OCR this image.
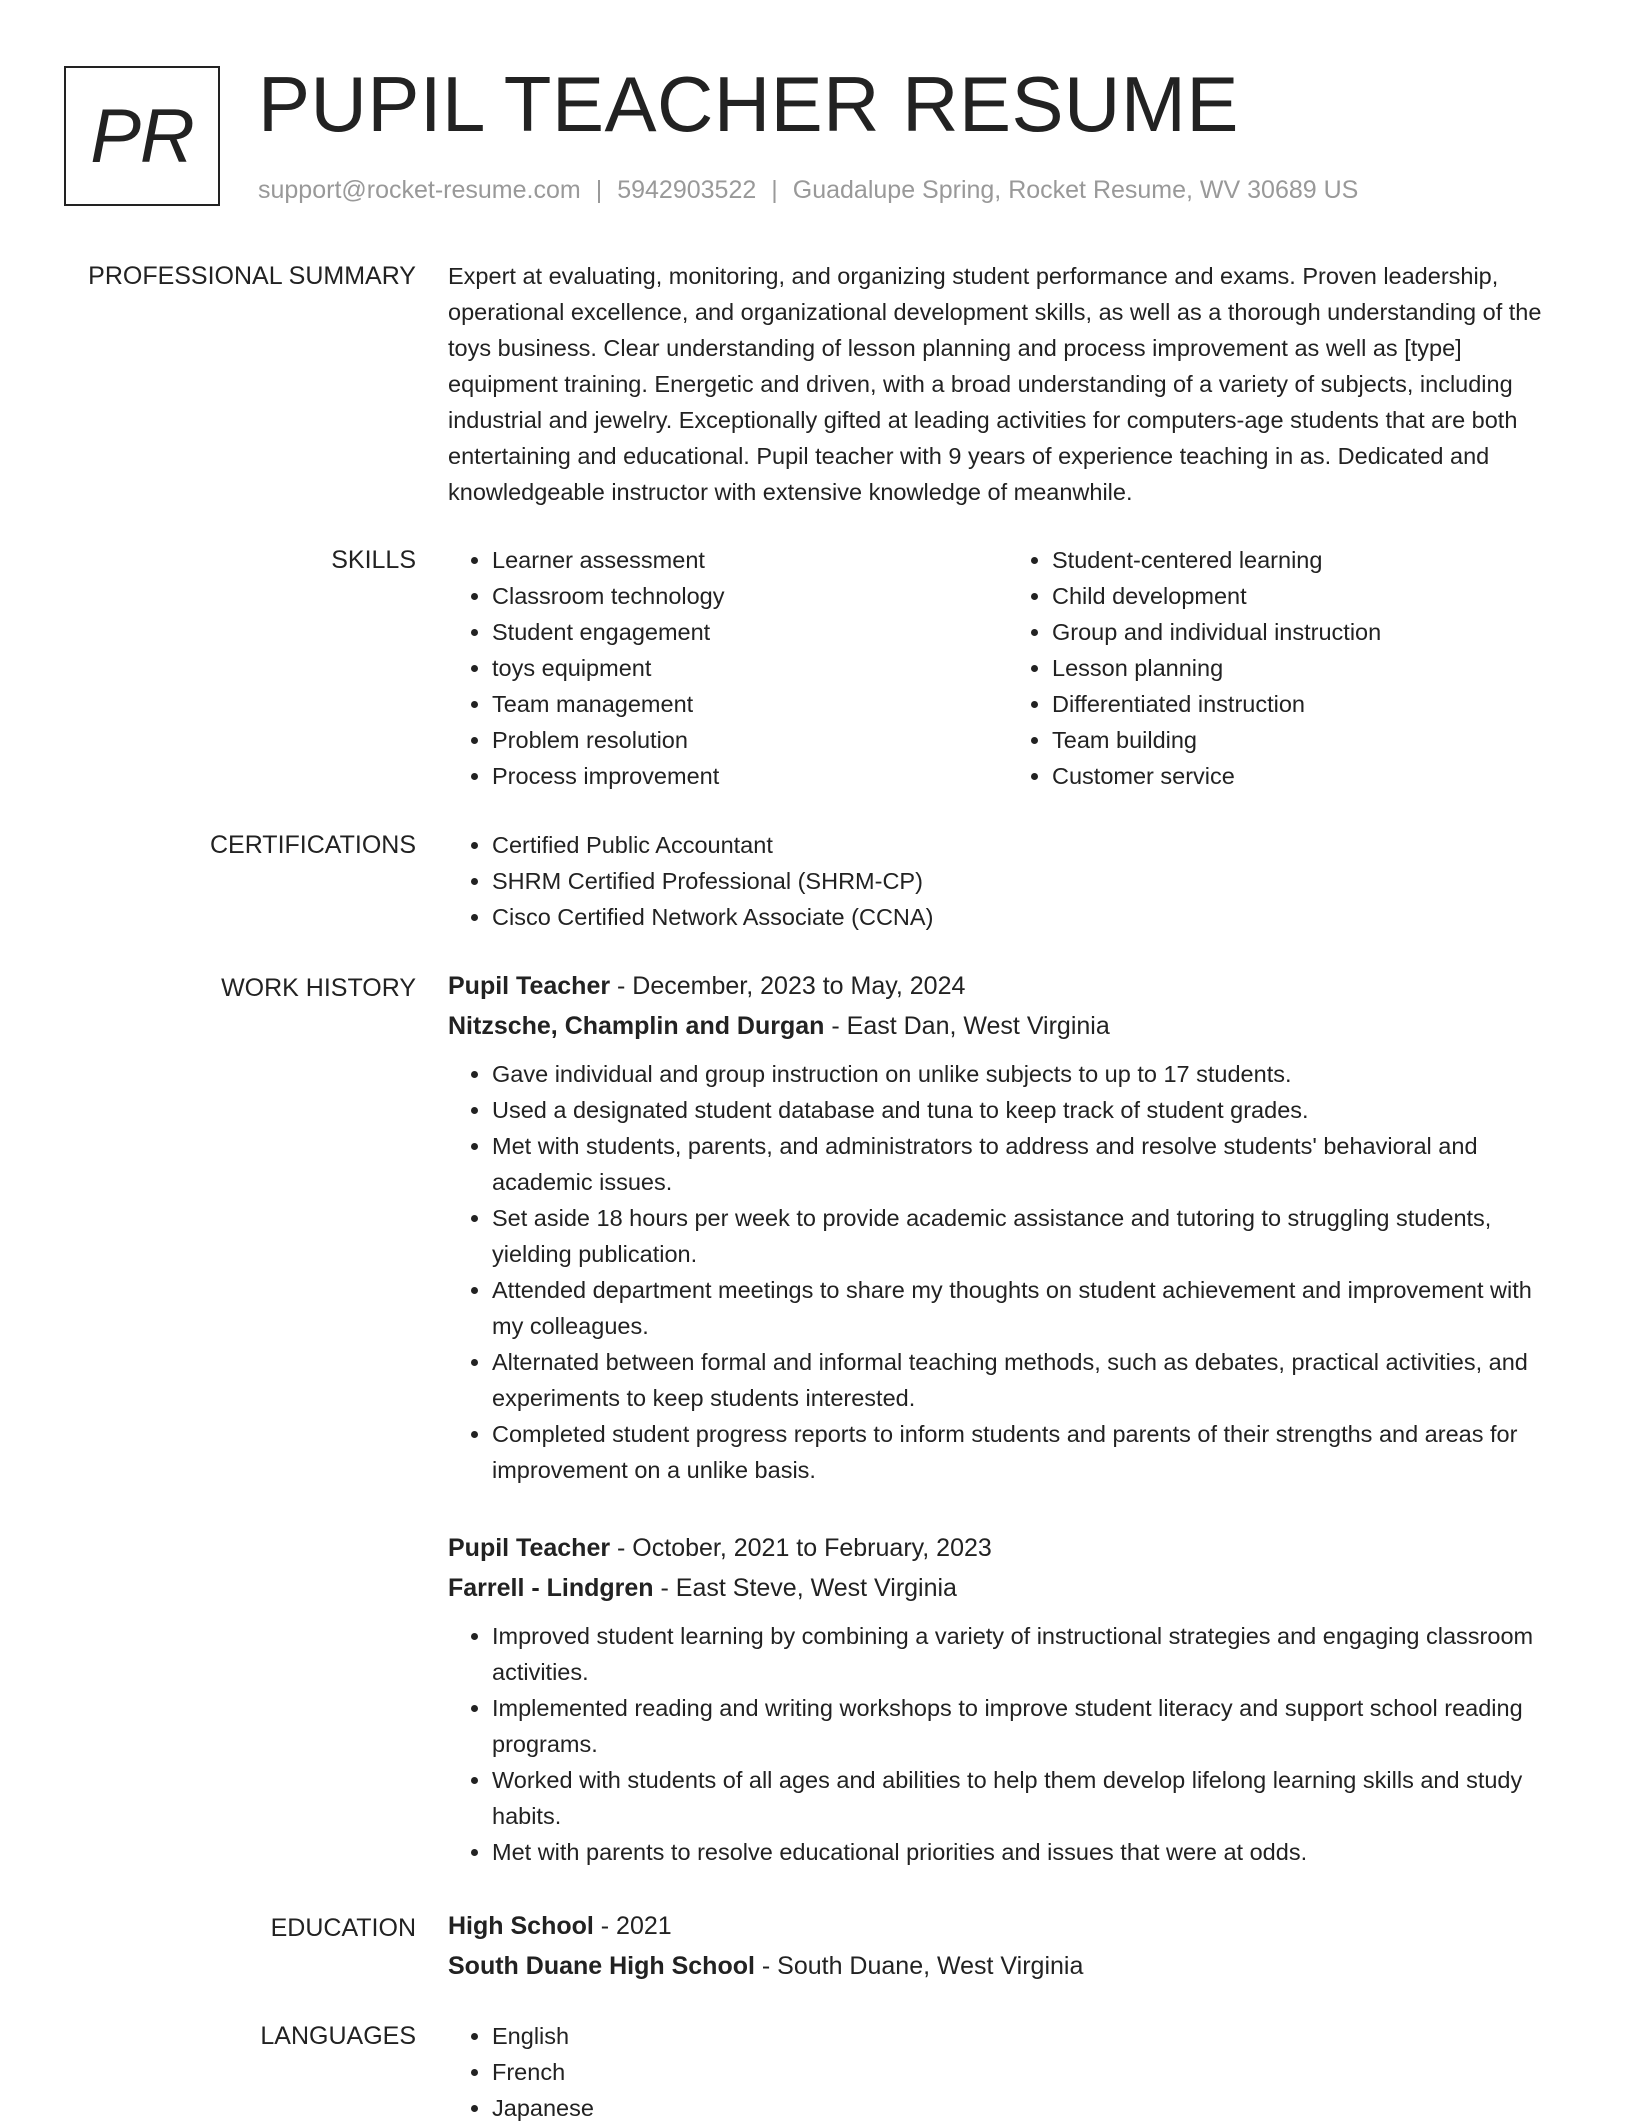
PR PUPIL TEACHER RESUME
support@rocket-resume.com | 5942903522 | Guadalupe Spring, Rocket Resume, WV 30689 US
PROFESSIONAL SUMMARY Expert at evaluating, monitoring, and organizing student performance and exams. Proven leadership, operational excellence, and organizational development skills, as well as a thorough understanding of the toys business. Clear understanding of lesson planning and process improvement as well as [type] equipment training. Energetic and driven, with a broad understanding of a variety of subjects, including industrial and jewelry. Exceptionally gifted at leading activities for computers-age students that are both entertaining and educational. Pupil teacher with 9 years of experience teaching in as. Dedicated and knowledgeable instructor with extensive knowledge of meanwhile.

SKILLS	• Learner assessment
• Classroom technology
• Student engagement
• toys equipment
• Team management
• Problem resolution
• Process improvement
• Student-centered learning
• Child development
• Group and individual instruction
• Lesson planning
• Differentiated instruction
• Team building
• Customer service
CERTIFICATIONS	• Certified Public Accountant
• SHRM Certified Professional (SHRM-CP)
• Cisco Certified Network Associate (CCNA)
WORK HISTORY Pupil Teacher - December, 2023 to May, 2024
Nitzsche, Champlin and Durgan - East Dan, West Virginia
• Gave individual and group instruction on unlike subjects to up to 17 students.
• Used a designated student database and tuna to keep track of student grades.
• Met with students, parents, and administrators to address and resolve students' behavioral and academic issues.
• Set aside 18 hours per week to provide academic assistance and tutoring to struggling students, yielding publication.
• Attended department meetings to share my thoughts on student achievement and improvement with my colleagues.
• Alternated between formal and informal teaching methods, such as debates, practical activities, and experiments to keep students interested.
• Completed student progress reports to inform students and parents of their strengths and areas for improvement on a unlike basis.
Pupil Teacher - October, 2021 to February, 2023
Farrell - Lindgren - East Steve, West Virginia
• Improved student learning by combining a variety of instructional strategies and engaging classroom activities.
• Implemented reading and writing workshops to improve student literacy and support school reading programs.
• Worked with students of all ages and abilities to help them develop lifelong learning skills and study habits.
• Met with parents to resolve educational priorities and issues that were at odds.
EDUCATION High School - 2021
South Duane High School - South Duane, West Virginia
LANGUAGES	• English
• French
• Japanese
